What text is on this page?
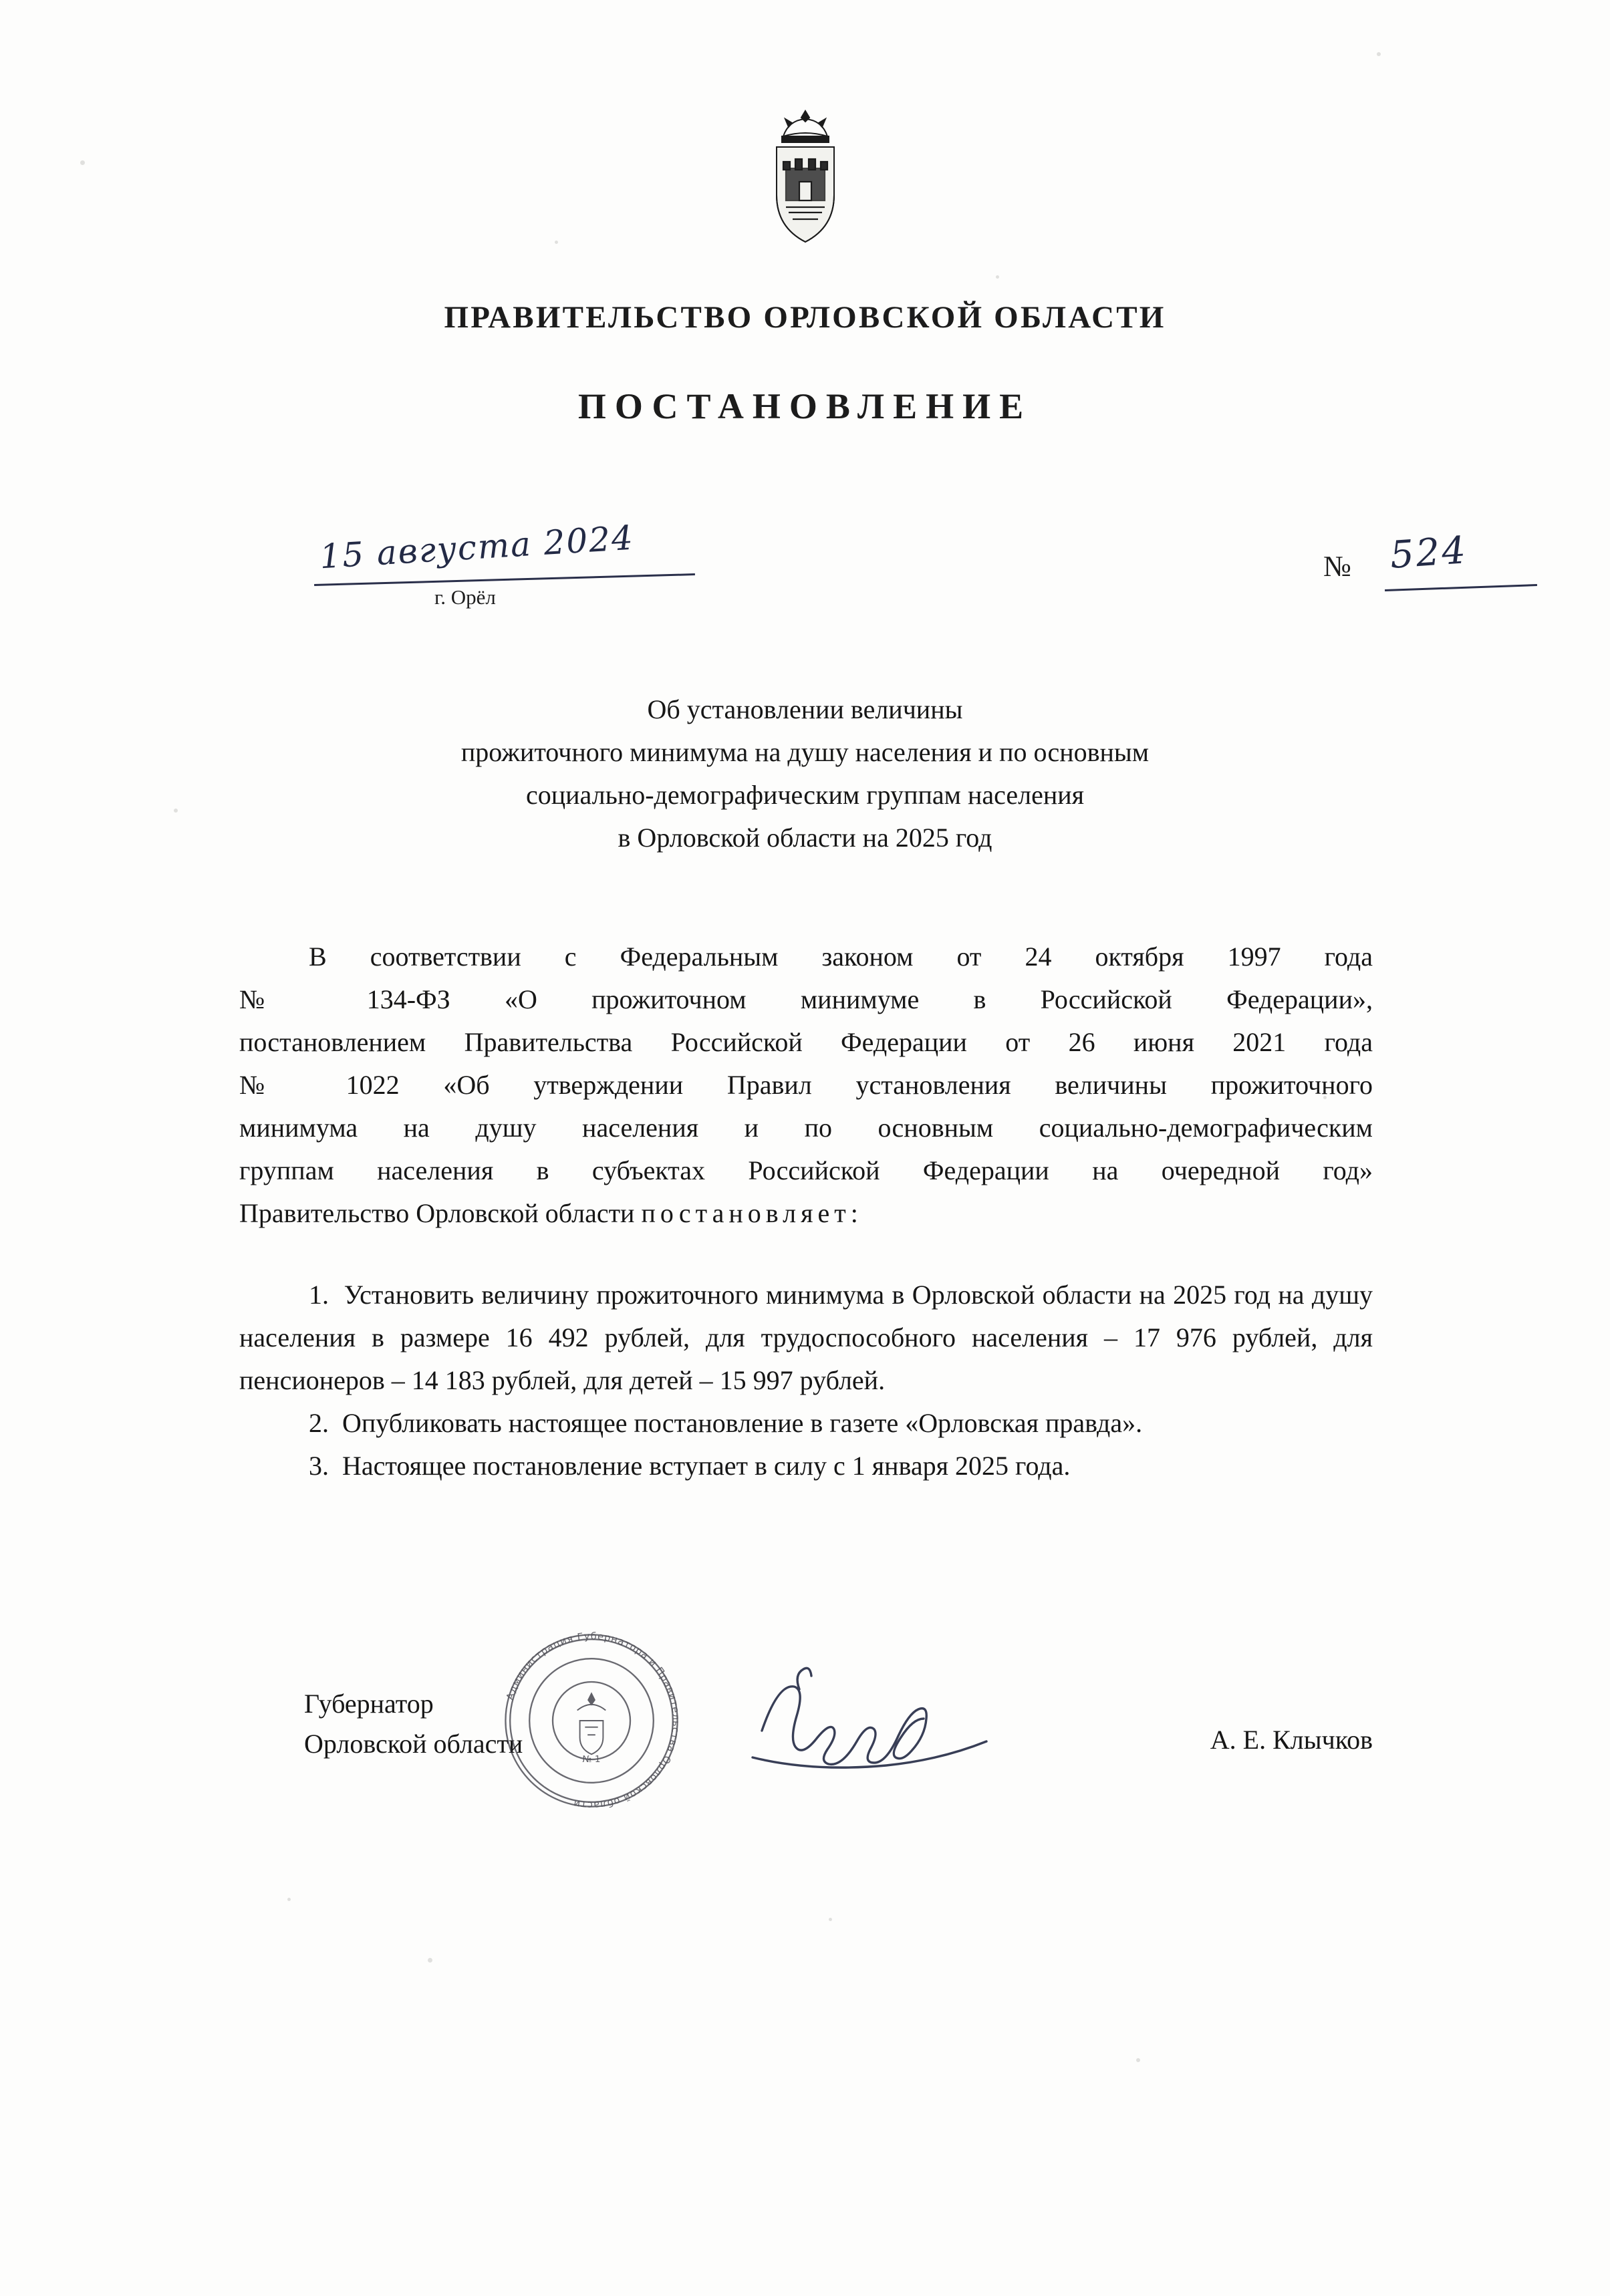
ПРАВИТЕЛЬСТВО ОРЛОВСКОЙ ОБЛАСТИ
ПОСТАНОВЛЕНИЕ
15 августа 2024
г. Орёл
№ 524
Об установлении величины
прожиточного минимума на душу населения и по основным
социально-демографическим группам населения
в Орловской области на 2025 год

В соответствии с Федеральным законом от 24 октября 1997 года

№ 134-ФЗ «О прожиточном минимуме в Российской Федерации»,

постановлением Правительства Российской Федерации от 26 июня 2021 года

№ 1022 «Об утверждении Правил установления величины прожиточного

минимума на душу населения и по основным социально-демографическим

группам населения в субъектах Российской Федерации на очередной год»

Правительство Орловской области постановляет:

1. Установить величину прожиточного минимума в Орловской области на 2025 год на душу населения в размере 16 492 рублей, для трудоспособного населения – 17 976 рублей, для пенсионеров – 14 183 рублей, для детей – 15 997 рублей.

2. Опубликовать настоящее постановление в газете «Орловская правда».

3. Настоящее постановление вступает в силу с 1 января 2025 года.

Губернатор
Орловской области	А. Е. Клычков
Администрация Губернатора и Правительства Орловской области
№ 1
